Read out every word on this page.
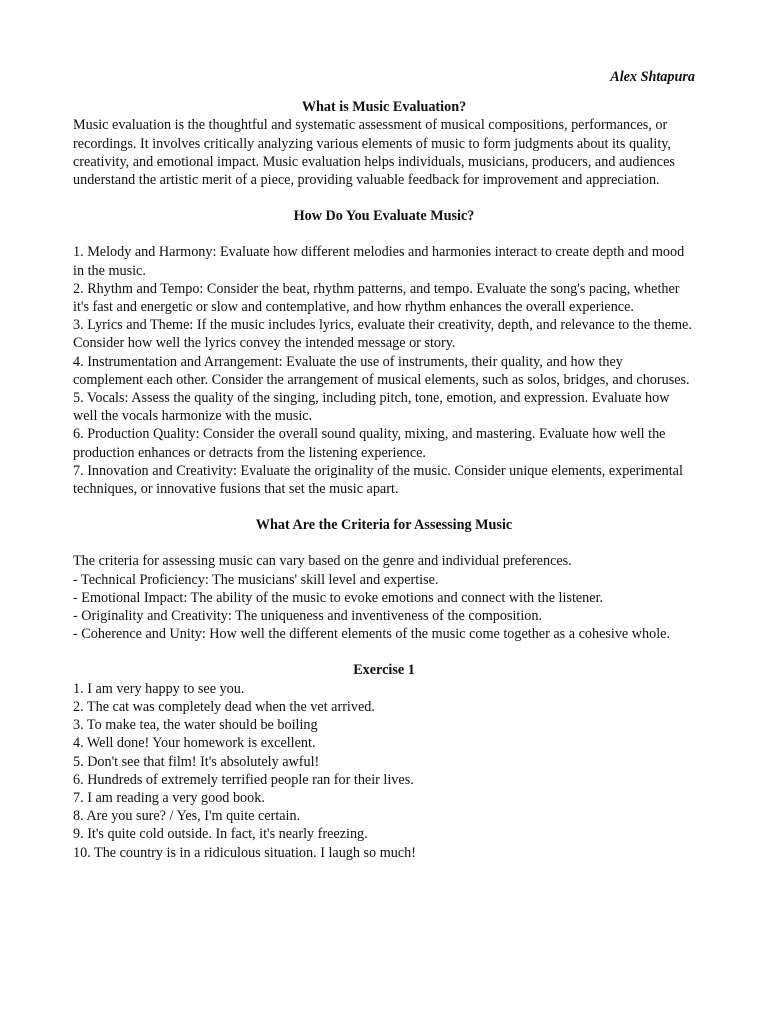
Alex Shtapura

What is Music Evaluation?

Music evaluation is the thoughtful and systematic assessment of musical compositions, performances, or recordings. It involves critically analyzing various elements of music to form judgments about its quality, creativity, and emotional impact. Music evaluation helps individuals, musicians, producers, and audiences understand the artistic merit of a piece, providing valuable feedback for improvement and appreciation.

How Do You Evaluate Music?

1. Melody and Harmony: Evaluate how different melodies and harmonies interact to create depth and mood in the music.

2. Rhythm and Tempo: Consider the beat, rhythm patterns, and tempo. Evaluate the song's pacing, whether it's fast and energetic or slow and contemplative, and how rhythm enhances the overall experience.

3. Lyrics and Theme: If the music includes lyrics, evaluate their creativity, depth, and relevance to the theme. Consider how well the lyrics convey the intended message or story.

4. Instrumentation and Arrangement: Evaluate the use of instruments, their quality, and how they complement each other. Consider the arrangement of musical elements, such as solos, bridges, and choruses.

5. Vocals: Assess the quality of the singing, including pitch, tone, emotion, and expression. Evaluate how well the vocals harmonize with the music.

6. Production Quality: Consider the overall sound quality, mixing, and mastering. Evaluate how well the production enhances or detracts from the listening experience.

7. Innovation and Creativity: Evaluate the originality of the music. Consider unique elements, experimental techniques, or innovative fusions that set the music apart.

What Are the Criteria for Assessing Music

The criteria for assessing music can vary based on the genre and individual preferences.

- Technical Proficiency: The musicians' skill level and expertise.

- Emotional Impact: The ability of the music to evoke emotions and connect with the listener.

- Originality and Creativity: The uniqueness and inventiveness of the composition.

- Coherence and Unity: How well the different elements of the music come together as a cohesive whole.

Exercise 1

1. I am very happy to see you.

2. The cat was completely dead when the vet arrived.

3. To make tea, the water should be boiling

4. Well done! Your homework is excellent.

5. Don't see that film! It's absolutely awful!

6. Hundreds of extremely terrified people ran for their lives.

7. I am reading a very good book.

8. Are you sure? / Yes, I'm quite certain.

9. It's quite cold outside. In fact, it's nearly freezing.

10. The country is in a ridiculous situation. I laugh so much!
